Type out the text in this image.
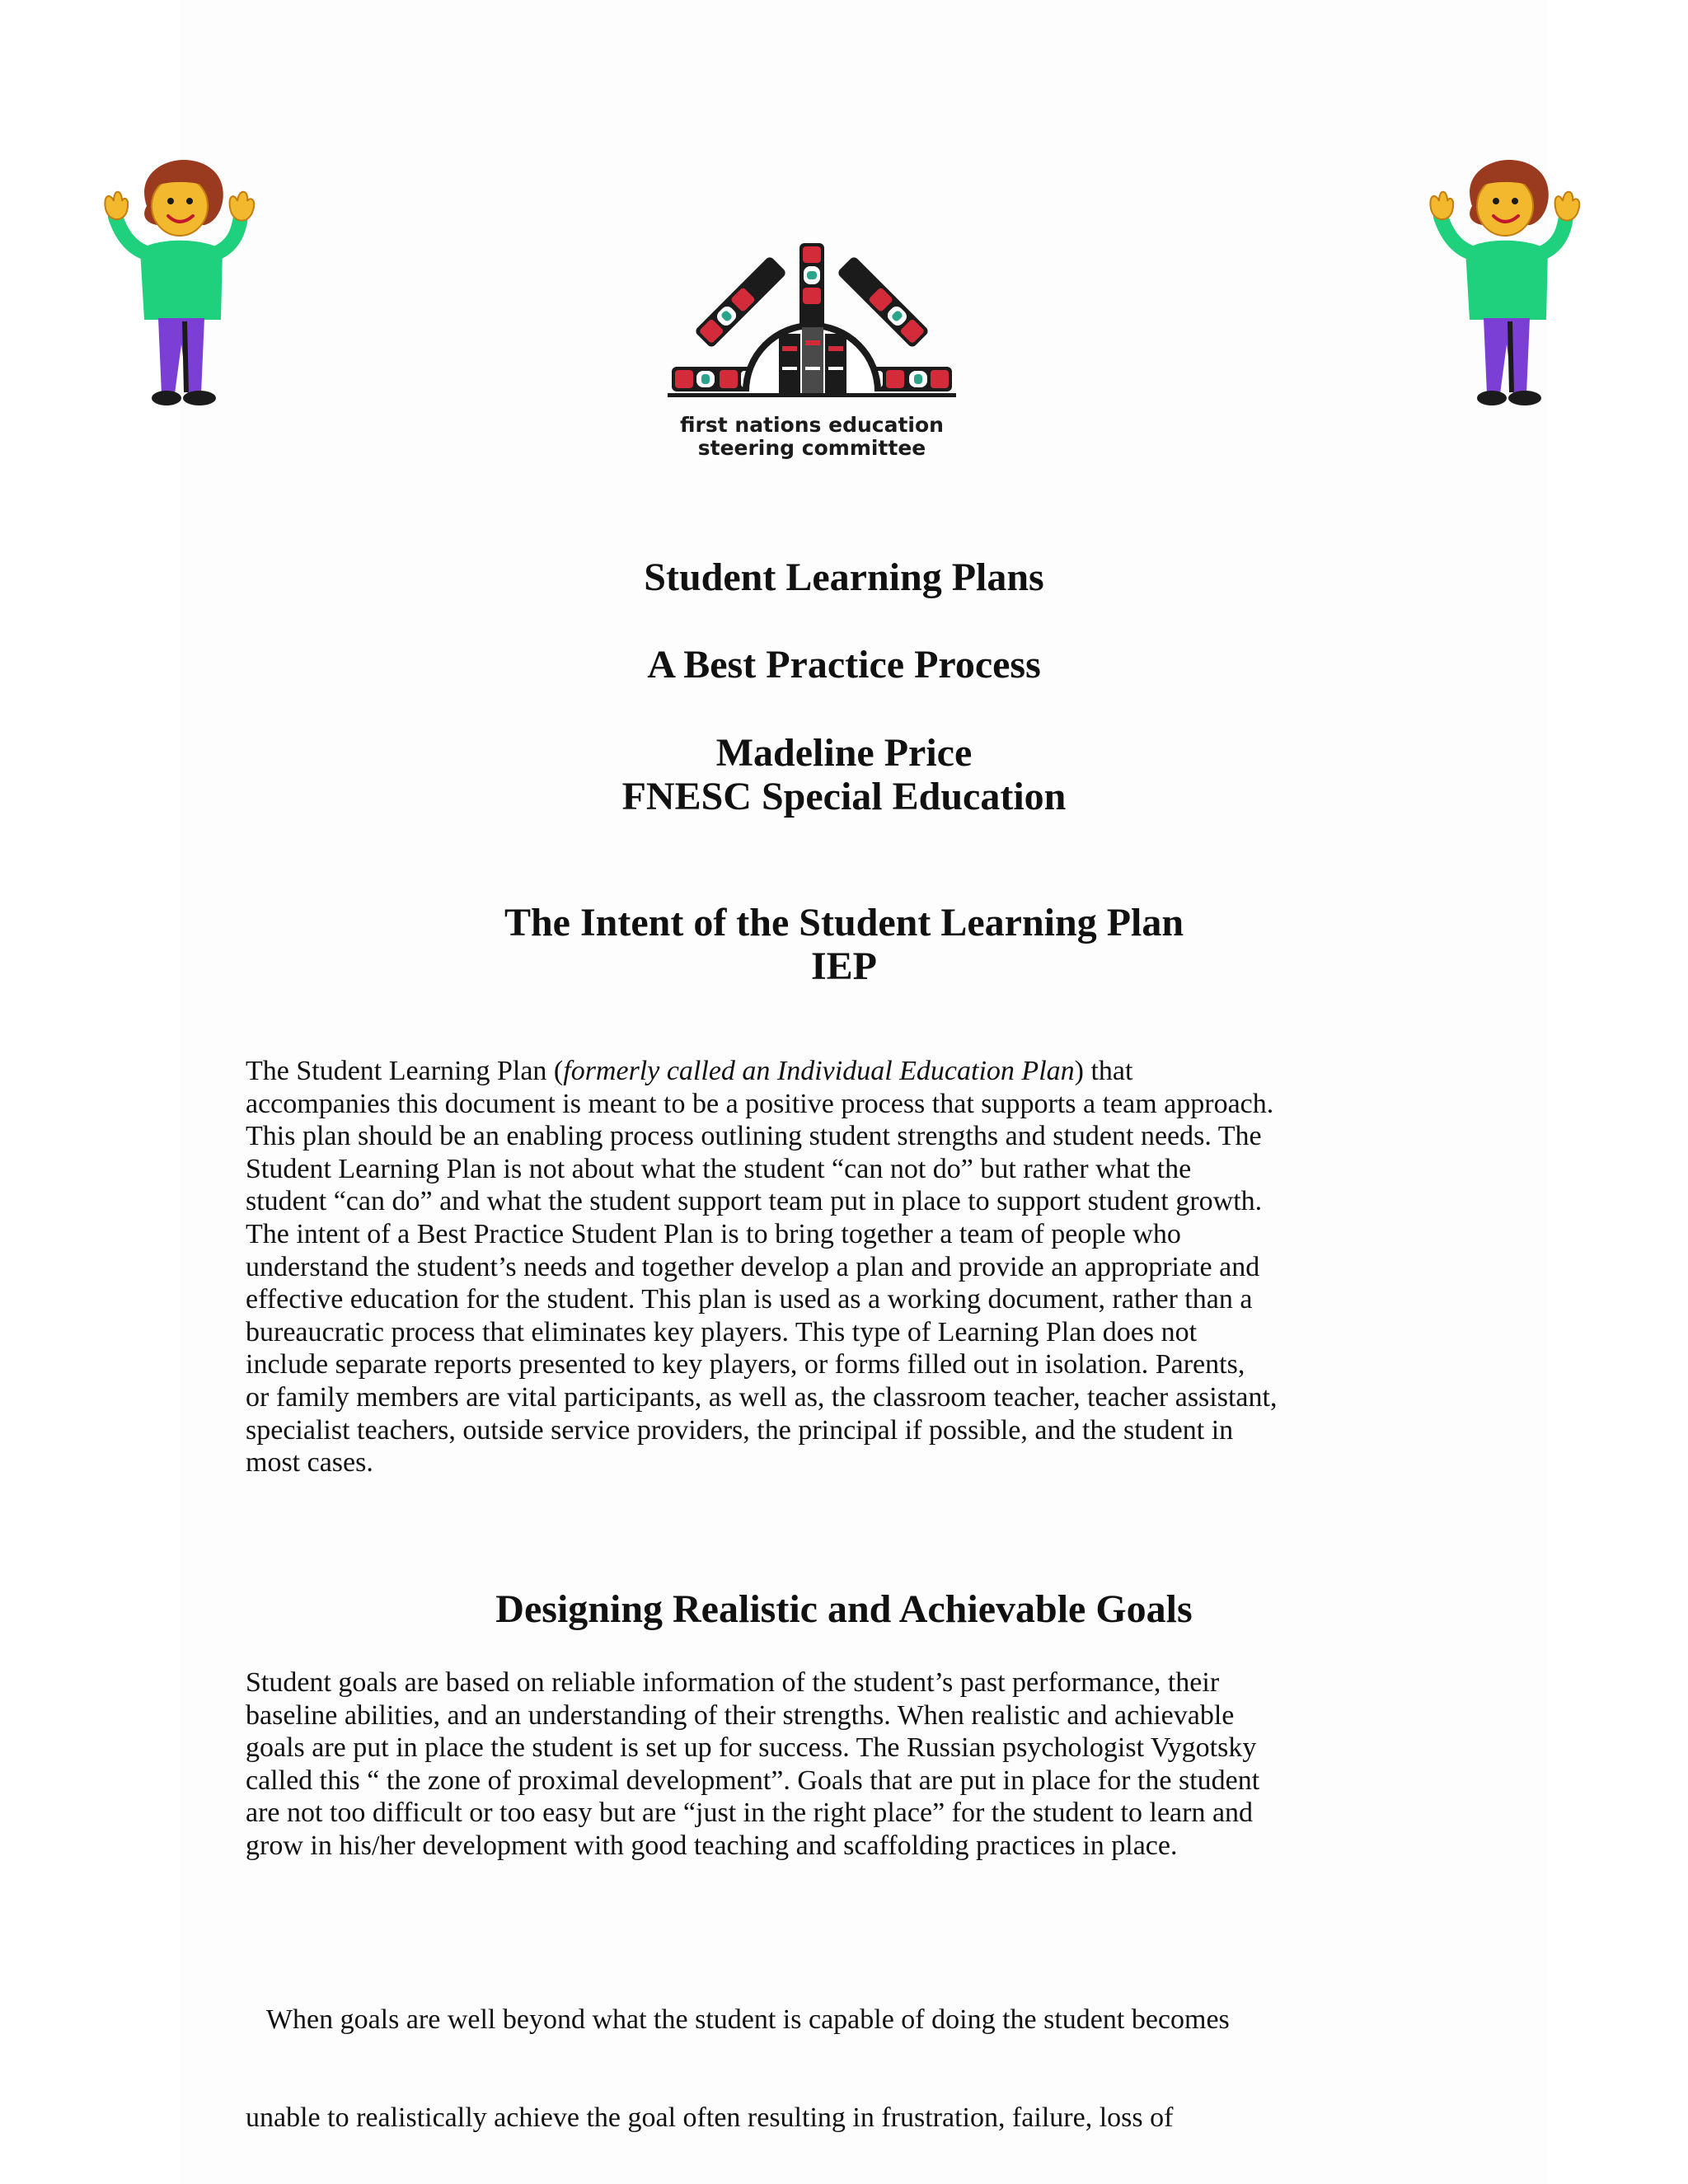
first nations education
steering committee
Student Learning Plans
A Best Practice Process
Madeline Price
FNESC Special Education
The Intent of the Student Learning Plan
IEP
The Student Learning Plan (formerly called an Individual Education Plan) that
accompanies this document is meant to be a positive process that supports a team approach.
This plan should be an enabling process outlining student strengths and student needs. The
Student Learning Plan is not about what the student “can not do” but rather what the
student “can do” and what the student support team put in place to support student growth.
The intent of a Best Practice Student Plan is to bring together a team of people who
understand the student’s needs and together develop a plan and provide an appropriate and
effective education for the student. This plan is used as a working document, rather than a
bureaucratic process that eliminates key players. This type of Learning Plan does not
include separate reports presented to key players, or forms filled out in isolation. Parents,
or family members are vital participants, as well as, the classroom teacher, teacher assistant,
specialist teachers, outside service providers, the principal if possible, and the student in
most cases.
Designing Realistic and Achievable Goals
Student goals are based on reliable information of the student’s past performance, their
baseline abilities, and an understanding of their strengths. When realistic and achievable
goals are put in place the student is set up for success. The Russian psychologist Vygotsky
called this “ the zone of proximal development”. Goals that are put in place for the student
are not too difficult or too easy but are “just in the right place” for the student to learn and
grow in his/her development with good teaching and scaffolding practices in place.

When goals are well beyond what the student is capable of doing the student becomes

unable to realistically achieve the goal often resulting in frustration, failure, loss of
